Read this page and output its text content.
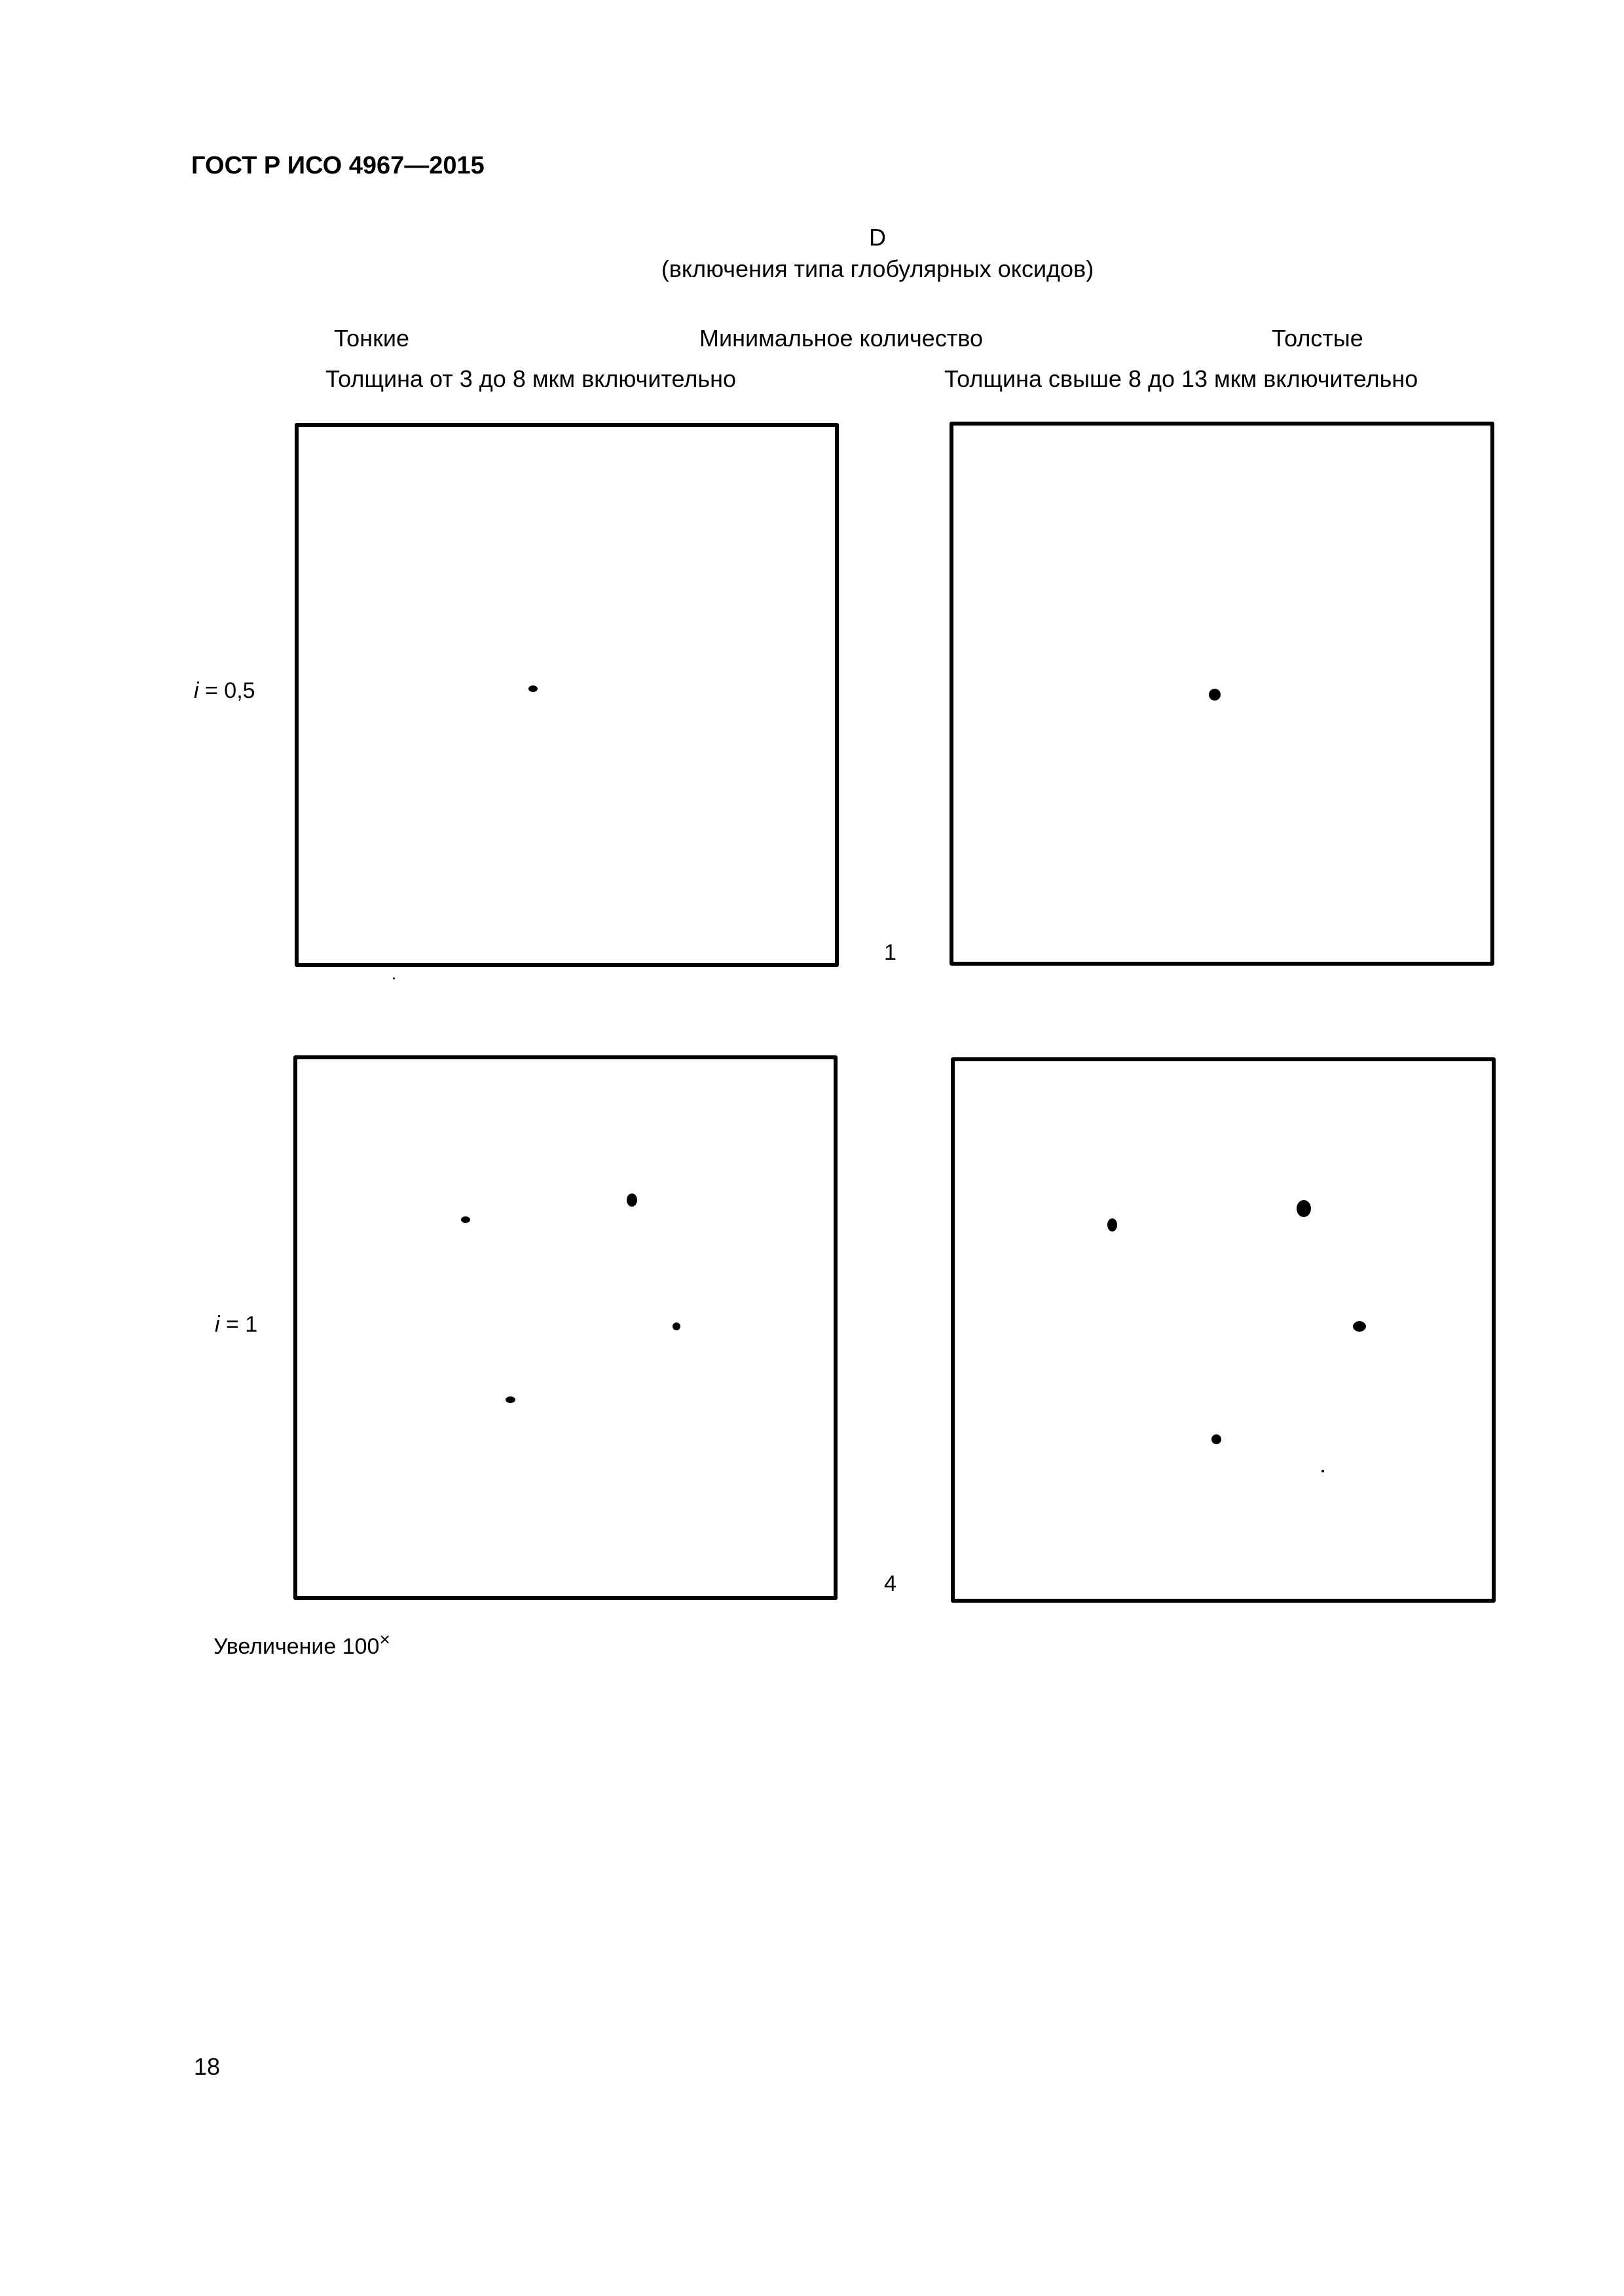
ГОСТ Р ИСО 4967—2015
D
(включения типа глобулярных оксидов)
Тонкие	Минимальное количество	Толстые
Толщина от 3 до 8 мкм включительно	Толщина свыше 8 до 13 мкм включительно
i = 0,5
1
i = 1
4
Увеличение 100×
18
